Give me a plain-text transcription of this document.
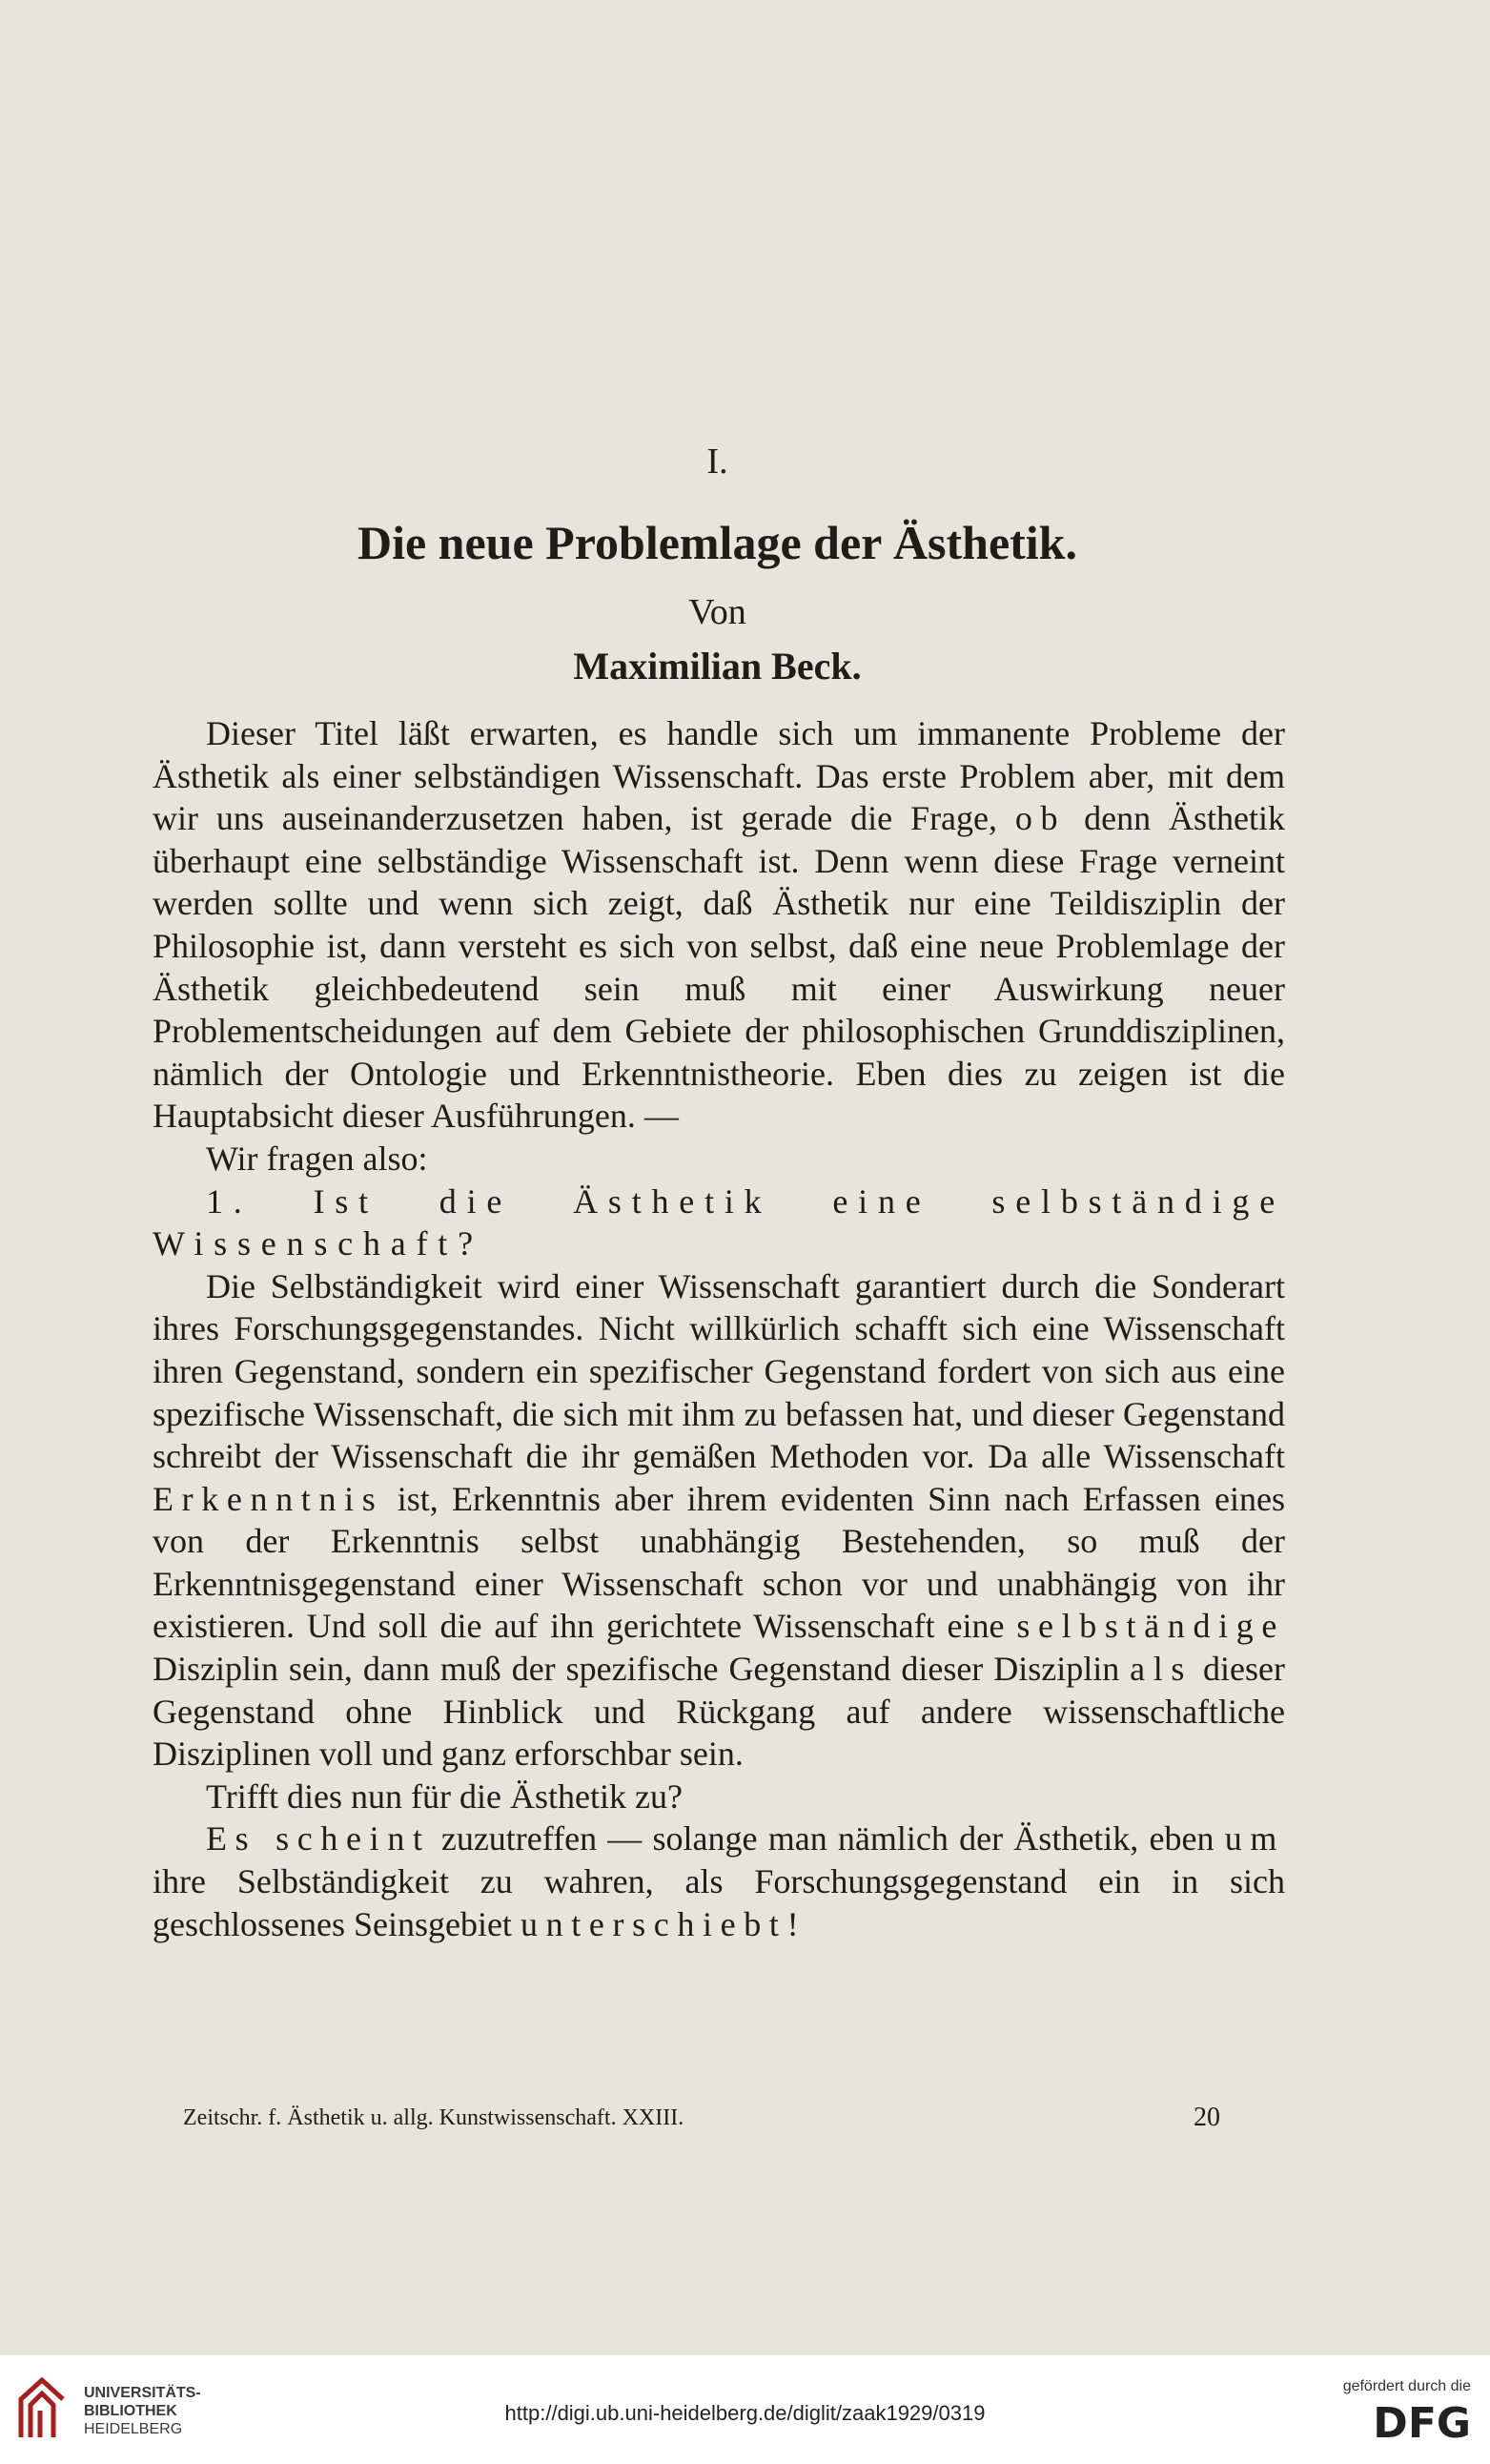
I.
Die neue Problemlage der Ästhetik.
Von
Maximilian Beck.

Dieser Titel läßt erwarten, es handle sich um immanente Probleme der Ästhetik als einer selbständigen Wissenschaft. Das erste Problem aber, mit dem wir uns auseinanderzusetzen haben, ist gerade die Frage, ob denn Ästhetik überhaupt eine selbständige Wissenschaft ist. Denn wenn diese Frage verneint werden sollte und wenn sich zeigt, daß Ästhetik nur eine Teildisziplin der Philosophie ist, dann versteht es sich von selbst, daß eine neue Problemlage der Ästhetik gleichbedeutend sein muß mit einer Auswirkung neuer Problementscheidungen auf dem Gebiete der philosophischen Grunddisziplinen, nämlich der Ontologie und Erkenntnistheorie. Eben dies zu zeigen ist die Hauptabsicht dieser Ausführungen. —

Wir fragen also:

1. Ist die Ästhetik eine selbständige Wissenschaft?

Die Selbständigkeit wird einer Wissenschaft garantiert durch die Sonderart ihres Forschungsgegenstandes. Nicht willkürlich schafft sich eine Wissenschaft ihren Gegenstand, sondern ein spezifischer Gegenstand fordert von sich aus eine spezifische Wissenschaft, die sich mit ihm zu befassen hat, und dieser Gegenstand schreibt der Wissenschaft die ihr gemäßen Methoden vor. Da alle Wissenschaft Erkenntnis ist, Erkenntnis aber ihrem evidenten Sinn nach Erfassen eines von der Erkenntnis selbst unabhängig Bestehenden, so muß der Erkenntnisgegenstand einer Wissenschaft schon vor und unabhängig von ihr existieren. Und soll die auf ihn gerichtete Wissenschaft eine selbständige Disziplin sein, dann muß der spezifische Gegenstand dieser Disziplin als dieser Gegenstand ohne Hinblick und Rückgang auf andere wissenschaftliche Disziplinen voll und ganz erforschbar sein.

Trifft dies nun für die Ästhetik zu?

Es scheint zuzutreffen — solange man nämlich der Ästhetik, eben um ihre Selbständigkeit zu wahren, als Forschungsgegenstand ein in sich geschlossenes Seinsgebiet unterschiebt!

Zeitschr. f. Ästhetik u. allg. Kunstwissenschaft. XXIII.	20
UNIVERSITÄTS-
BIBLIOTHEK
HEIDELBERG
http://digi.ub.uni-heidelberg.de/diglit/zaak1929/0319
gefördert durch die
DFG
